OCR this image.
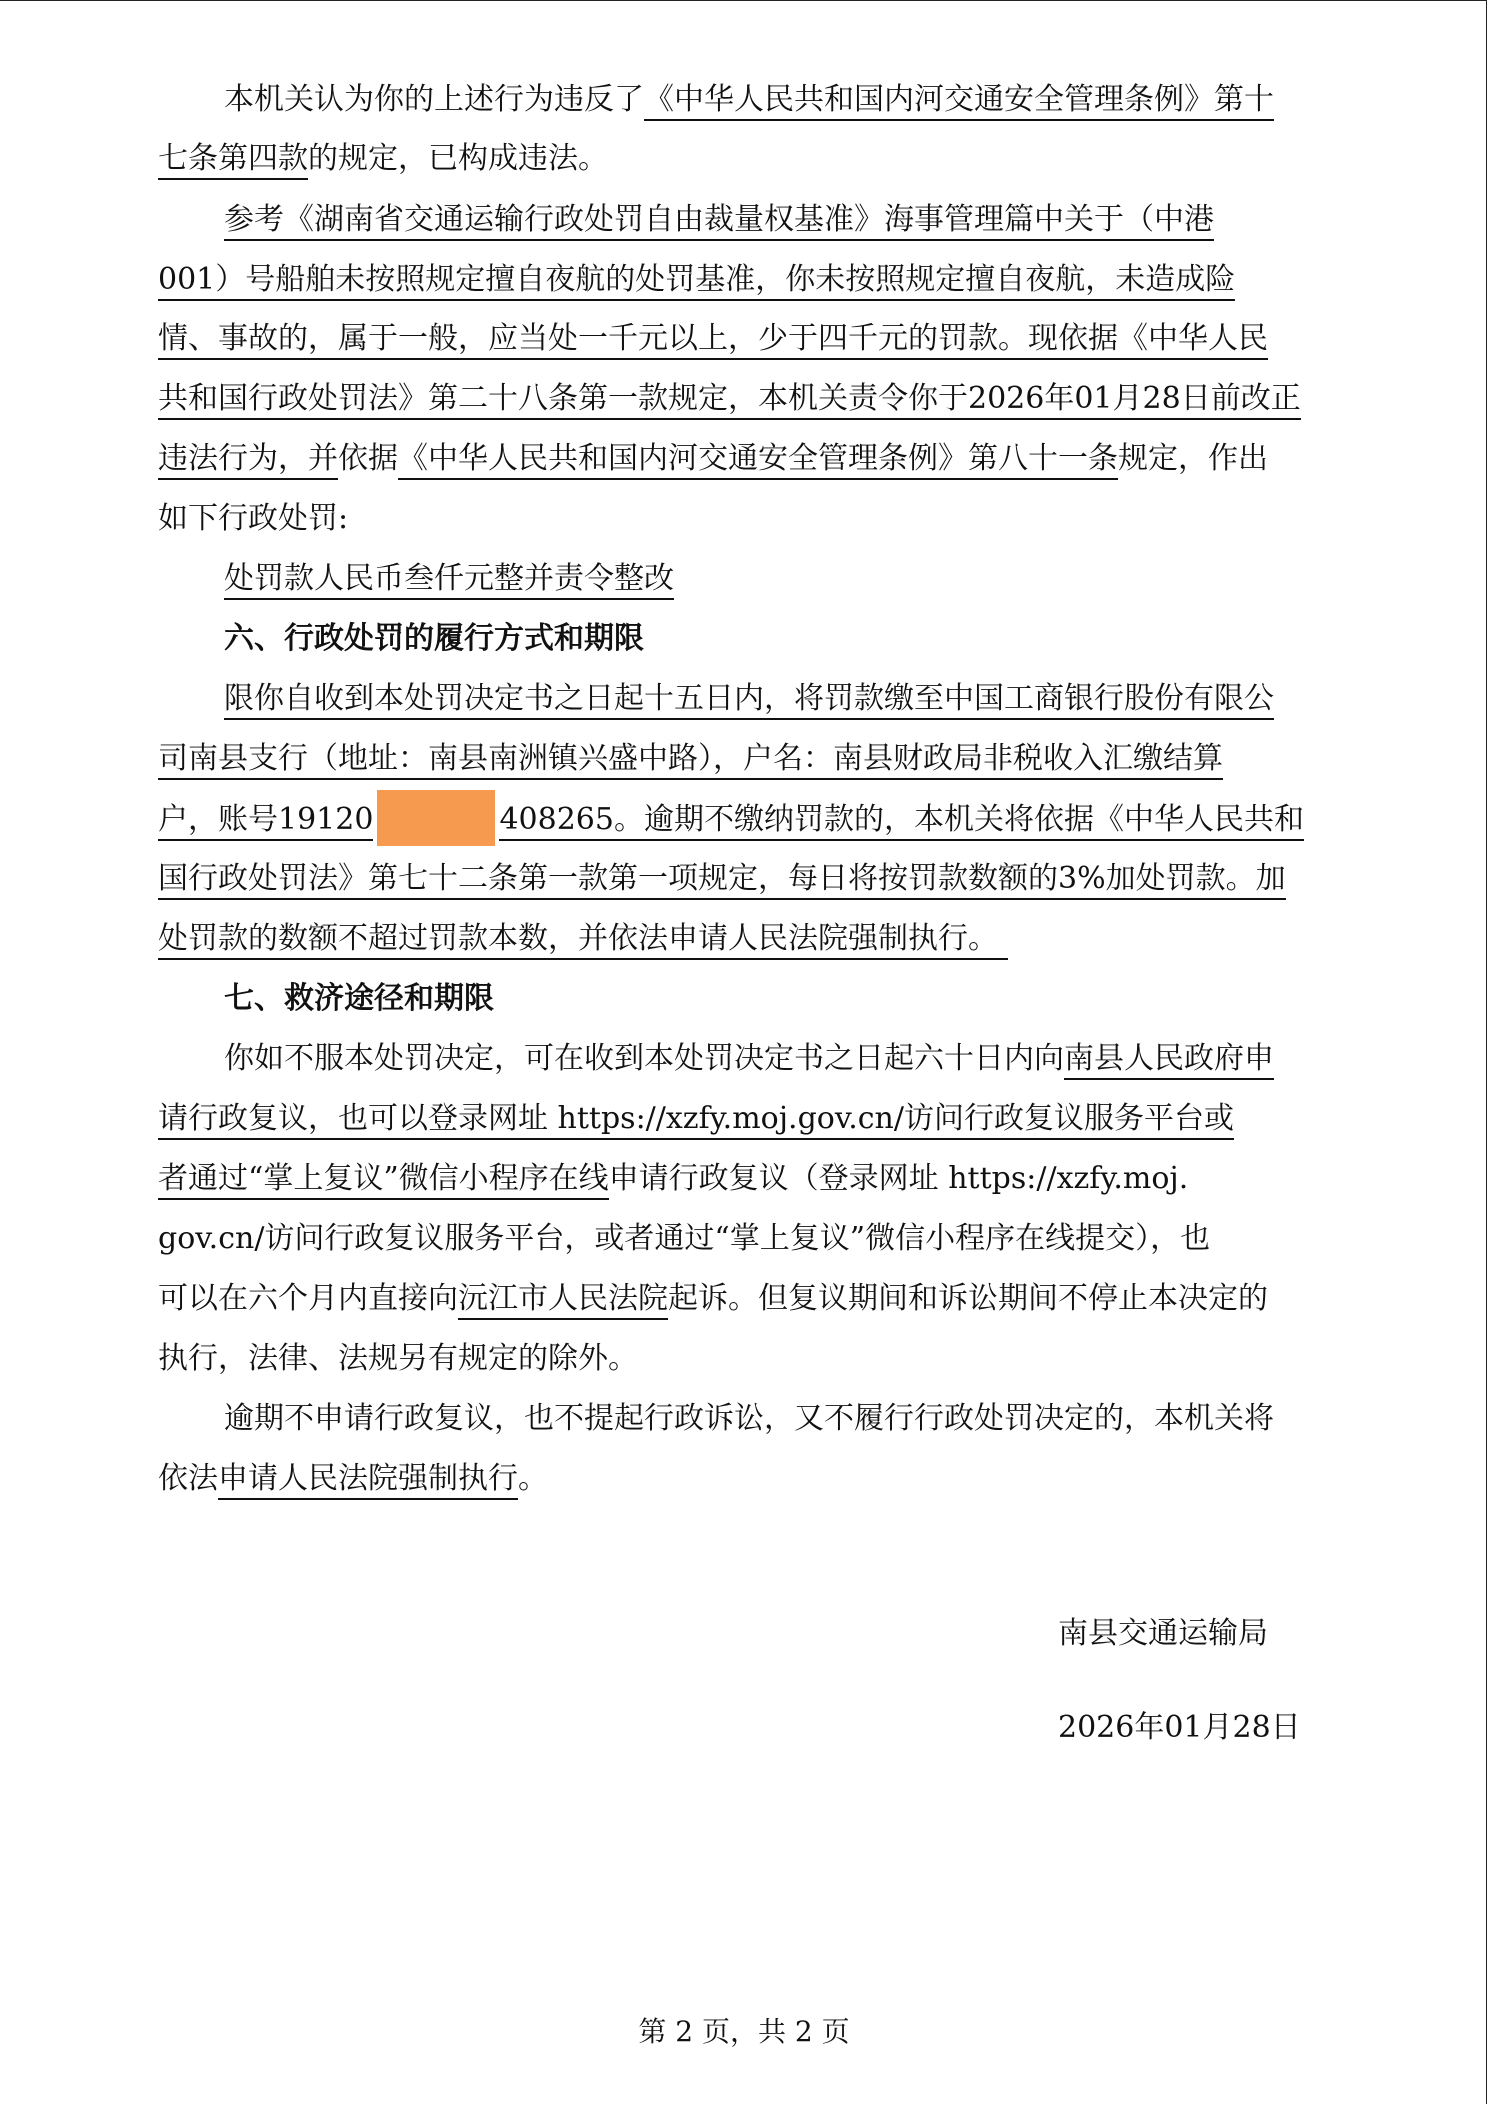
本机关认为你的上述行为违反了《中华人民共和国内河交通安全管理条例》第十
七条第四款的规定，已构成违法。
参考《湖南省交通运输行政处罚自由裁量权基准》海事管理篇中关于（中港
001）号船舶未按照规定擅自夜航的处罚基准，你未按照规定擅自夜航，未造成险
情、事故的，属于一般，应当处一千元以上，少于四千元的罚款。现依据《中华人民
共和国行政处罚法》第二十八条第一款规定，本机关责令你于2026年01月28日前改正
违法行为，并依据《中华人民共和国内河交通安全管理条例》第八十一条规定，作出
如下行政处罚:
处罚款人民币叁仟元整并责令整改
六、行政处罚的履行方式和期限
限你自收到本处罚决定书之日起十五日内，将罚款缴至中国工商银行股份有限公
司南县支行（地址：南县南洲镇兴盛中路），户名：南县财政局非税收入汇缴结算
户，账号19120	408265。逾期不缴纳罚款的，本机关将依据《中华人民共和
国行政处罚法》第七十二条第一款第一项规定，每日将按罚款数额的3%加处罚款。加
处罚款的数额不超过罚款本数，并依法申请人民法院强制执行。
七、救济途径和期限
你如不服本处罚决定，可在收到本处罚决定书之日起六十日内向南县人民政府申
请行政复议，也可以登录网址 https://xzfy.moj.gov.cn/访问行政复议服务平台或
者通过“掌上复议”微信小程序在线申请行政复议（登录网址 https://xzfy.moj.
gov.cn/访问行政复议服务平台，或者通过“掌上复议”微信小程序在线提交），也
可以在六个月内直接向沅江市人民法院起诉。但复议期间和诉讼期间不停止本决定的
执行，法律、法规另有规定的除外。
逾期不申请行政复议，也不提起行政诉讼，又不履行行政处罚决定的，本机关将
依法申请人民法院强制执行。
南县交通运输局
2026年01月28日
第 2 页，共 2 页
